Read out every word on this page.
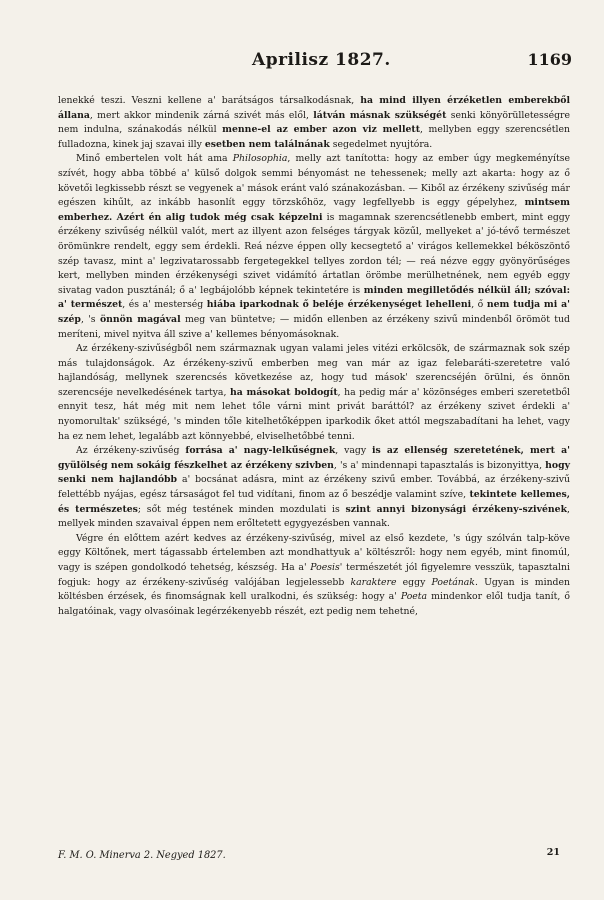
Aprilisz 1827.	1169

lenekké teszi. Veszni kellene a' barátságos társalkodásnak, ha mind illyen érzéketlen emberekből állana, mert akkor mindenik zárná szivét más elől, látván másnak szükségét senki könyörülletességre nem indulna, szánakodás nélkül menne-el az ember azon viz mellett, mellyben eggy szerencsétlen fulladozna, kinek jaj szavai illy esetben nem találnának segedelmet nyujtóra.

Minő embertelen volt hát ama Philosophia, melly azt tanította: hogy az ember úgy megkeményítse szívét, hogy abba többé a' külső dolgok semmi bényomást ne tehessenek; melly azt akarta: hogy az ő követői legkissebb részt se vegyenek a' mások eránt való szánakozásban. — Kiből az érzékeny szivűség már egészen kihűlt, az inkább hasonlít eggy törzskőhöz, vagy legfellyebb is eggy gépelyhez, mintsem emberhez. Azért én alig tudok még csak képzelni is magamnak szerencsétlenebb embert, mint eggy érzékeny szivűség nélkül valót, mert az illyent azon felséges tárgyak közűl, mellyeket a' jó-tévő természet örömünkre rendelt, eggy sem érdekli. Reá nézve éppen olly kecsegtető a' virágos kellemekkel béköszöntő szép tavasz, mint a' legzivatarossabb fergetegekkel tellyes zordon tél; — reá nézve eggy gyönyörűséges kert, mellyben minden érzékenységi szivet vidámító ártatlan örömbe merülhetnének, nem egyéb eggy sivatag vadon pusztánál; ő a' legbájolóbb képnek tekintetére is minden megilletődés nélkül áll; szóval: a' természet, és a' mesterség hiába iparkodnak ő beléje érzékenységet lehelleni, ő nem tudja mi a' szép, 's önnön magával meg van büntetve; — midőn ellenben az érzékeny szivű mindenből örömöt tud meríteni, mivel nyitva áll szive a' kellemes bényomásoknak.

Az érzékeny-szivűségből nem származnak ugyan valami jeles vitézi erkölcsök, de származnak sok szép más tulajdonságok. Az érzékeny-szivű emberben meg van már az igaz felebaráti-szeretetre való hajlandóság, mellynek szerencsés következése az, hogy tud mások' szerencséjén örülni, és önnön szerencséje nevelkedésének tartya, ha másokat boldogít, ha pedig már a' közönséges emberi szeretetből ennyit tesz, hát még mit nem lehet tőle várni mint privát baráttól? az érzékeny szivet érdekli a' nyomorultak' szükségé, 's minden tőle kitelhetőképpen iparkodik őket attól megszabadítani ha lehet, vagy ha ez nem lehet, legalább azt könnyebbé, elviselhetőbbé tenni.

Az érzékeny-szivűség forrása a' nagy-lelkűségnek, vagy is az ellenség szeretetének, mert a' gyülölség nem sokáig fészkelhet az érzékeny szivben, 's a' mindennapi tapasztalás is bizonyittya, hogy senki nem hajlandóbb a' bocsánat adásra, mint az érzékeny szivű ember. Továbbá, az érzékeny-szivű felettébb nyájas, egész társaságot fel tud vidítani, finom az ő beszédje valamint szíve, tekintete kellemes, és természetes; sőt még testének minden mozdulati is szint annyi bizonysági érzékeny-szivének, mellyek minden szavaival éppen nem erőltetett egygyezésben vannak.

Végre én előttem azért kedves az érzékeny-szivűség, mivel az első kezdete, 's úgy szólván talp-köve eggy Költőnek, mert tágassabb értelemben azt mondhattyuk a' költészről: hogy nem egyéb, mint finomúl, vagy is szépen gondolkodó tehetség, készség. Ha a' Poesis' természetét jól figyelemre vesszük, tapasztalni fogjuk: hogy az érzékeny-szivűség valójában legjelessebb karaktere eggy Poetának. Ugyan is minden költésben érzések, és finomságnak kell uralkodni, és szükség: hogy a' Poeta mindenkor elől tudja tanít, ő halgatóinak, vagy olvasóinak legérzékenyebb részét, ezt pedig nem tehetné,

F. M. O. Minerva 2. Negyed 1827.	21
